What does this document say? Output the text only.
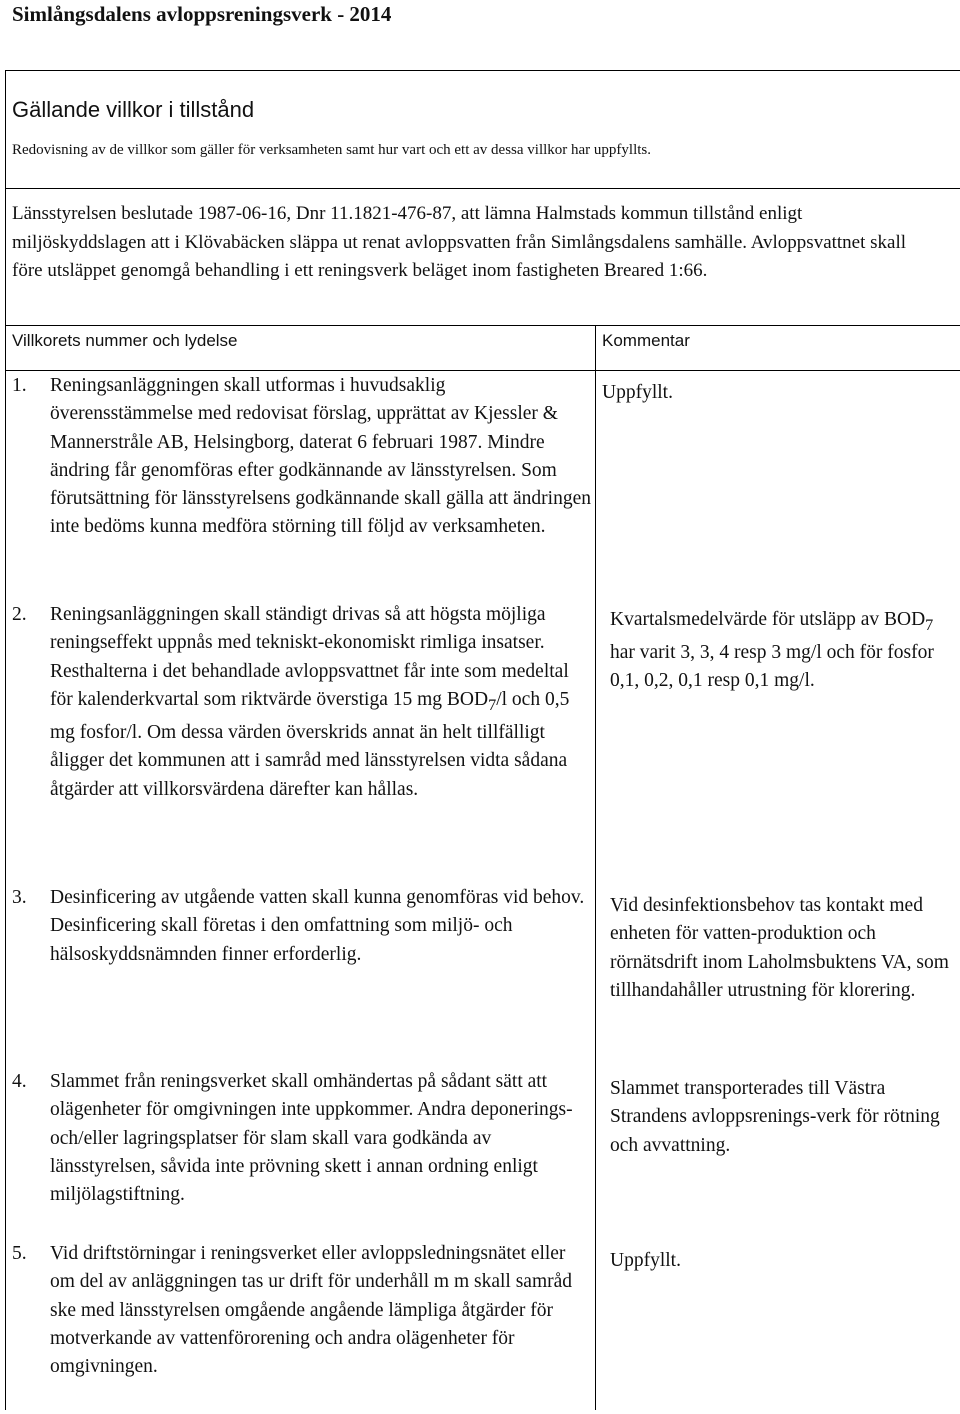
Simlångsdalens avloppsreningsverk - 2014
Gällande villkor i tillstånd

Redovisning av de villkor som gäller för verksamheten samt hur vart och ett av dessa villkor har uppfyllts.

Länsstyrelsen beslutade 1987-06-16, Dnr 11.1821-476-87, att lämna Halmstads kommun tillstånd enligt miljöskyddslagen att i Klövabäcken släppa ut renat avloppsvatten från Simlångsdalens samhälle. Avloppsvattnet skall före utsläppet genomgå behandling i ett reningsverk beläget inom fastigheten Breared 1:66.

Villkorets nummer och lydelse	Kommentar
1. Reningsanläggningen skall utformas i huvudsaklig överensstämmelse med redovisat förslag, upprättat av Kjessler & Mannerstråle AB, Helsingborg, daterat 6 februari 1987. Mindre ändring får genomföras efter godkännande av länsstyrelsen. Som förutsättning för länsstyrelsens godkännande skall gälla att ändringen inte bedöms kunna medföra störning till följd av verksamheten.
Uppfyllt.
2. Reningsanläggningen skall ständigt drivas så att högsta möjliga reningseffekt uppnås med tekniskt-ekonomiskt rimliga insatser. Resthalterna i det behandlade avloppsvattnet får inte som medeltal för kalenderkvartal som riktvärde överstiga 15 mg $BOD_7/l$ och 0,5 mg fosfor/l. Om dessa värden överskrids annat än helt tillfälligt åligger det kommunen att i samråd med länsstyrelsen vidta sådana åtgärder att villkorsvärdena därefter kan hållas.
Kvartalsmedelvärde för utsläpp av $BOD_7$ har varit 3, 3, 4 resp 3 mg/l och för fosfor 0,1, 0,2, 0,1 resp 0,1 mg/l.
3. Desinficering av utgående vatten skall kunna genomföras vid behov. Desinficering skall företas i den omfattning som miljö- och hälsoskyddsnämnden finner erforderlig.
Vid desinfektionsbehov tas kontakt med enheten för vatten-produktion och rörnätsdrift inom Laholmsbuktens VA, som tillhandahåller utrustning för klorering.
4. Slammet från reningsverket skall omhändertas på sådant sätt att olägenheter för omgivningen inte uppkommer. Andra deponerings- och/eller lagringsplatser för slam skall vara godkända av länsstyrelsen, såvida inte prövning skett i annan ordning enligt miljölagstiftning.
Slammet transporterades till Västra Strandens avloppsrenings-verk för rötning och avvattning.
5. Vid driftstörningar i reningsverket eller avloppsledningsnätet eller om del av anläggningen tas ur drift för underhåll m m skall samråd ske med länsstyrelsen omgående angående lämpliga åtgärder för motverkande av vattenförorening och andra olägenheter för omgivningen.
Uppfyllt.
